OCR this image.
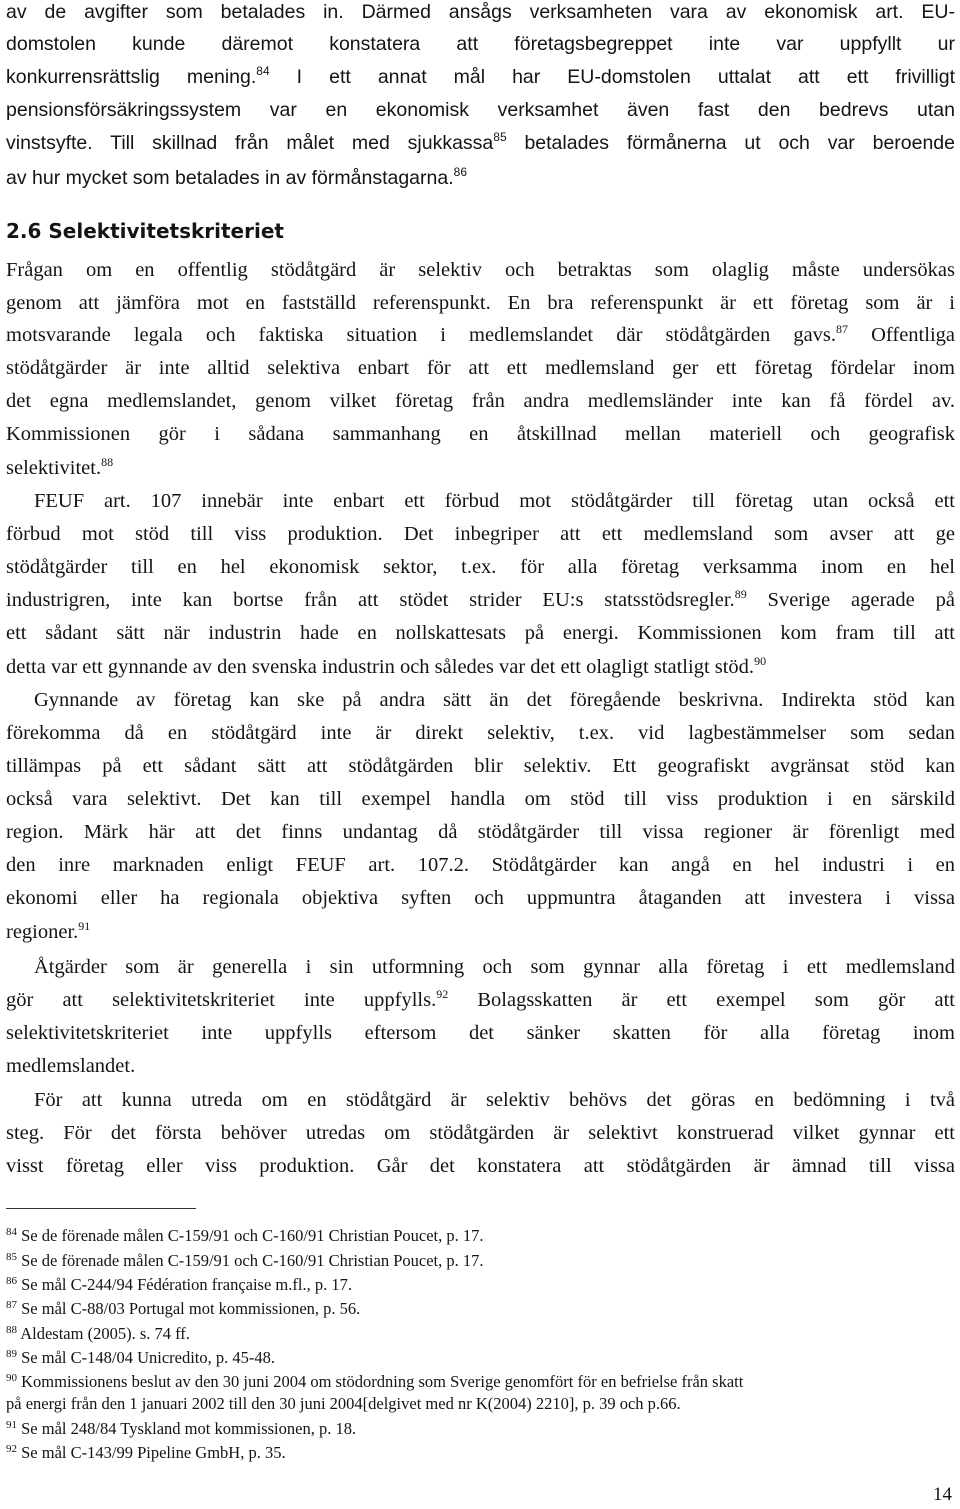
av de avgifter som betalades in. Därmed ansågs verksamheten vara av ekonomisk art. EU-
domstolen kunde däremot konstatera att företagsbegreppet inte var uppfyllt ur
konkurrensrättslig mening.$^{84}$ I ett annat mål har EU-domstolen uttalat att ett frivilligt
pensionsförsäkringssystem var en ekonomisk verksamhet även fast den bedrevs utan
vinstsyfte. Till skillnad från målet med sjukkassa$^{85}$ betalades förmånerna ut och var beroende
av hur mycket som betalades in av förmånstagarna.$^{86}$
2.6 Selektivitetskriteriet
Frågan om en offentlig stödåtgärd är selektiv och betraktas som olaglig måste undersökas
genom att jämföra mot en fastställd referenspunkt. En bra referenspunkt är ett företag som är i
motsvarande legala och faktiska situation i medlemslandet där stödåtgärden gavs.$^{87}$ Offentliga
stödåtgärder är inte alltid selektiva enbart för att ett medlemsland ger ett företag fördelar inom
det egna medlemslandet, genom vilket företag från andra medlemsländer inte kan få fördel av.
Kommissionen gör i sådana sammanhang en åtskillnad mellan materiell och geografisk
selektivitet.$^{88}$
FEUF art. 107 innebär inte enbart ett förbud mot stödåtgärder till företag utan också ett
förbud mot stöd till viss produktion. Det inbegriper att ett medlemsland som avser att ge
stödåtgärder till en hel ekonomisk sektor, t.ex. för alla företag verksamma inom en hel
industrigren, inte kan bortse från att stödet strider EU:s statsstödsregler.$^{89}$ Sverige agerade på
ett sådant sätt när industrin hade en nollskattesats på energi. Kommissionen kom fram till att
detta var ett gynnande av den svenska industrin och således var det ett olagligt statligt stöd.$^{90}$
Gynnande av företag kan ske på andra sätt än det föregående beskrivna. Indirekta stöd kan
förekomma då en stödåtgärd inte är direkt selektiv, t.ex. vid lagbestämmelser som sedan
tillämpas på ett sådant sätt att stödåtgärden blir selektiv. Ett geografiskt avgränsat stöd kan
också vara selektivt. Det kan till exempel handla om stöd till viss produktion i en särskild
region. Märk här att det finns undantag då stödåtgärder till vissa regioner är förenligt med
den inre marknaden enligt FEUF art. 107.2. Stödåtgärder kan angå en hel industri i en
ekonomi eller ha regionala objektiva syften och uppmuntra åtaganden att investera i vissa
regioner.$^{91}$
Åtgärder som är generella i sin utformning och som gynnar alla företag i ett medlemsland
gör att selektivitetskriteriet inte uppfylls.$^{92}$ Bolagsskatten är ett exempel som gör att
selektivitetskriteriet inte uppfylls eftersom det sänker skatten för alla företag inom
medlemslandet.
För att kunna utreda om en stödåtgärd är selektiv behövs det göras en bedömning i två
steg. För det första behöver utredas om stödåtgärden är selektivt konstruerad vilket gynnar ett
visst företag eller viss produktion. Går det konstatera att stödåtgärden är ämnad till vissa
$^{84}$ Se de förenade målen C-159/91 och C-160/91 Christian Poucet, p. 17.
$^{85}$ Se de förenade målen C-159/91 och C-160/91 Christian Poucet, p. 17.
$^{86}$ Se mål C-244/94 Fédération française m.fl., p. 17.
$^{87}$ Se mål C-88/03 Portugal mot kommissionen, p. 56.
$^{88}$ Aldestam (2005). s. 74 ff.
$^{89}$ Se mål C-148/04 Unicredito, p. 45-48.
$^{90}$ Kommissionens beslut av den 30 juni 2004 om stödordning som Sverige genomfört för en befrielse från skatt
på energi från den 1 januari 2002 till den 30 juni 2004[delgivet med nr K(2004) 2210], p. 39 och p.66.
$^{91}$ Se mål 248/84 Tyskland mot kommissionen, p. 18.
$^{92}$ Se mål C-143/99 Pipeline GmbH, p. 35.
14
